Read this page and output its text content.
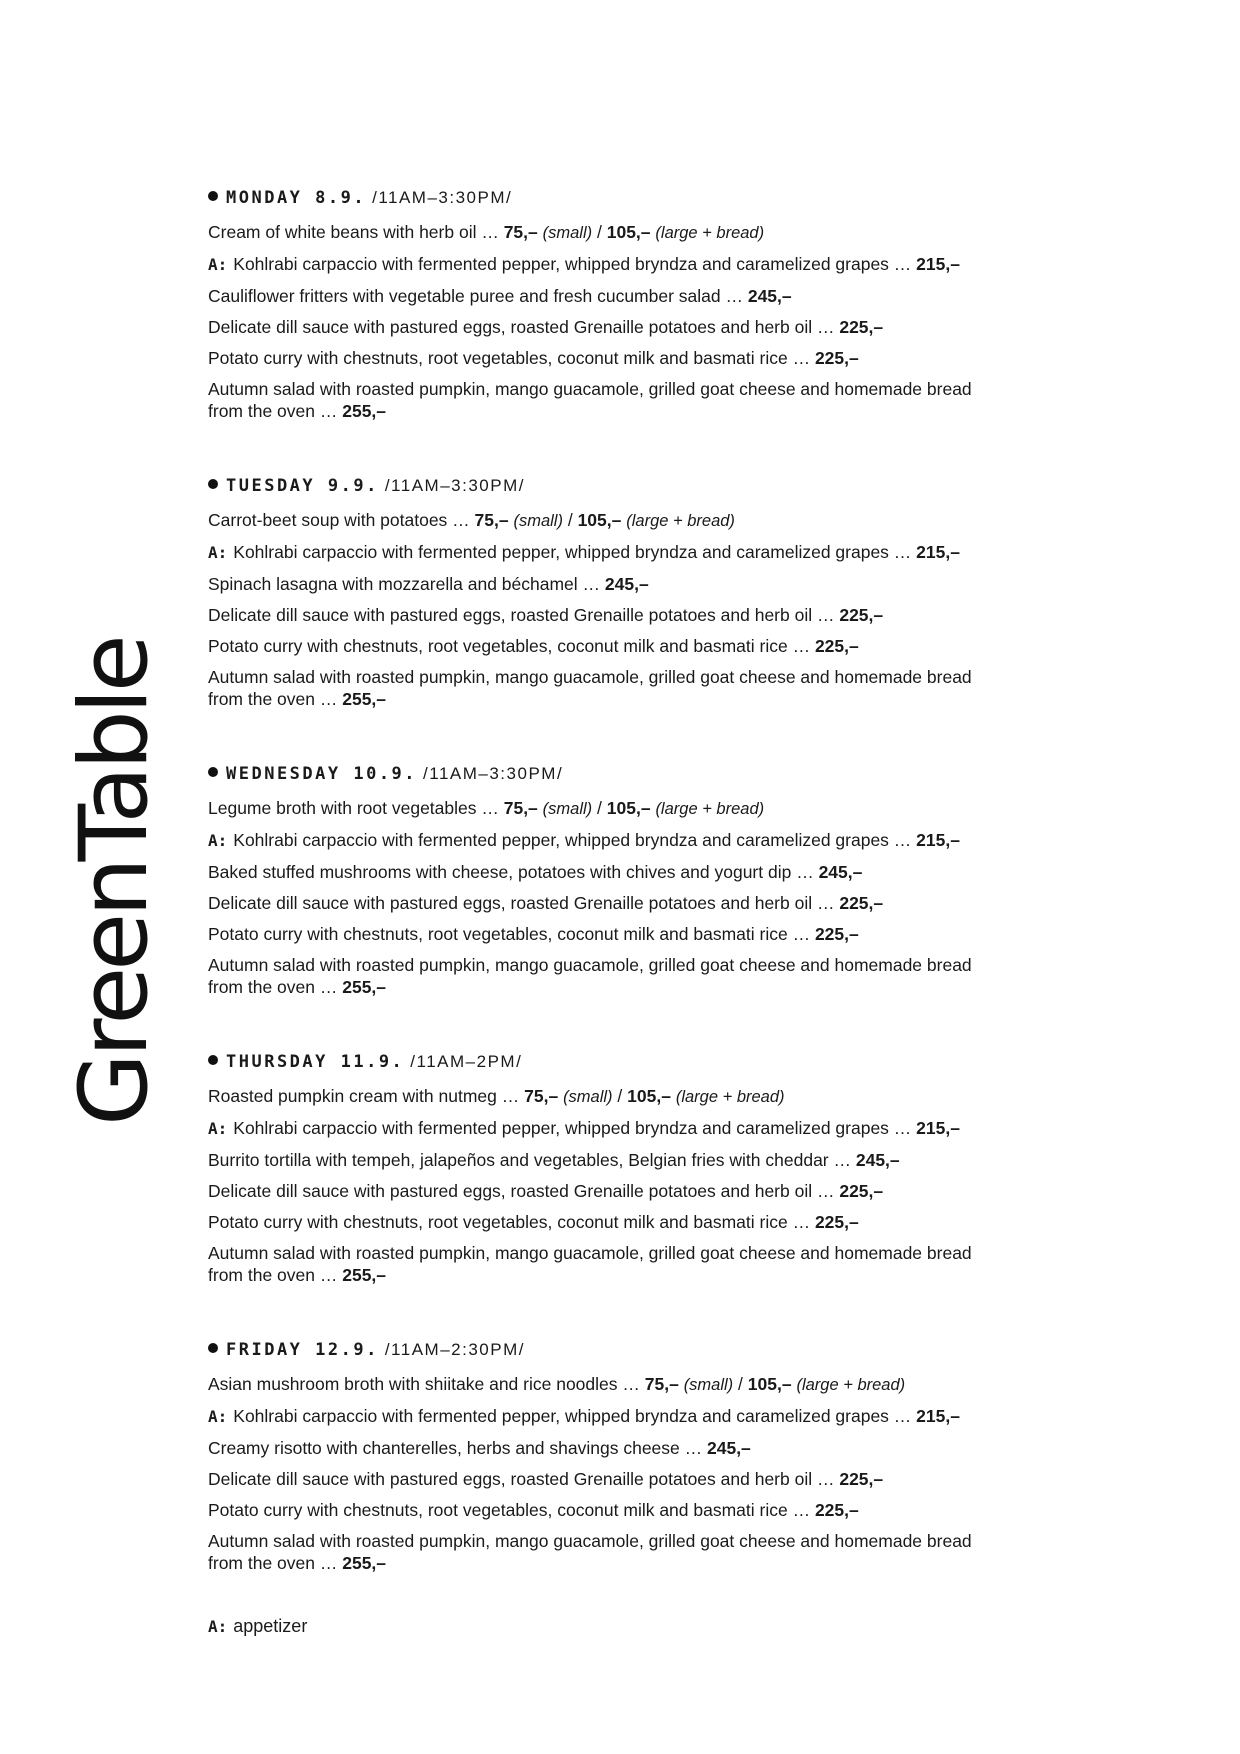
GreenTable
MONDAY 8.9. /11AM–3:30PM/
Cream of white beans with herb oil … 75,– (small) / 105,– (large + bread)
A: Kohlrabi carpaccio with fermented pepper, whipped bryndza and caramelized grapes … 215,–
Cauliflower fritters with vegetable puree and fresh cucumber salad … 245,–
Delicate dill sauce with pastured eggs, roasted Grenaille potatoes and herb oil … 225,–
Potato curry with chestnuts, root vegetables, coconut milk and basmati rice … 225,–
Autumn salad with roasted pumpkin, mango guacamole, grilled goat cheese and homemade bread from the oven … 255,–
TUESDAY 9.9. /11AM–3:30PM/
Carrot-beet soup with potatoes … 75,– (small) / 105,– (large + bread)
A: Kohlrabi carpaccio with fermented pepper, whipped bryndza and caramelized grapes … 215,–
Spinach lasagna with mozzarella and béchamel … 245,–
Delicate dill sauce with pastured eggs, roasted Grenaille potatoes and herb oil … 225,–
Potato curry with chestnuts, root vegetables, coconut milk and basmati rice … 225,–
Autumn salad with roasted pumpkin, mango guacamole, grilled goat cheese and homemade bread from the oven … 255,–
WEDNESDAY 10.9. /11AM–3:30PM/
Legume broth with root vegetables … 75,– (small) / 105,– (large + bread)
A: Kohlrabi carpaccio with fermented pepper, whipped bryndza and caramelized grapes … 215,–
Baked stuffed mushrooms with cheese, potatoes with chives and yogurt dip … 245,–
Delicate dill sauce with pastured eggs, roasted Grenaille potatoes and herb oil … 225,–
Potato curry with chestnuts, root vegetables, coconut milk and basmati rice … 225,–
Autumn salad with roasted pumpkin, mango guacamole, grilled goat cheese and homemade bread from the oven … 255,–
THURSDAY 11.9. /11AM–2PM/
Roasted pumpkin cream with nutmeg … 75,– (small) / 105,– (large + bread)
A: Kohlrabi carpaccio with fermented pepper, whipped bryndza and caramelized grapes … 215,–
Burrito tortilla with tempeh, jalapeños and vegetables, Belgian fries with cheddar … 245,–
Delicate dill sauce with pastured eggs, roasted Grenaille potatoes and herb oil … 225,–
Potato curry with chestnuts, root vegetables, coconut milk and basmati rice … 225,–
Autumn salad with roasted pumpkin, mango guacamole, grilled goat cheese and homemade bread from the oven … 255,–
FRIDAY 12.9. /11AM–2:30PM/
Asian mushroom broth with shiitake and rice noodles … 75,– (small) / 105,– (large + bread)
A: Kohlrabi carpaccio with fermented pepper, whipped bryndza and caramelized grapes … 215,–
Creamy risotto with chanterelles, herbs and shavings cheese … 245,–
Delicate dill sauce with pastured eggs, roasted Grenaille potatoes and herb oil … 225,–
Potato curry with chestnuts, root vegetables, coconut milk and basmati rice … 225,–
Autumn salad with roasted pumpkin, mango guacamole, grilled goat cheese and homemade bread from the oven … 255,–
A: appetizer
